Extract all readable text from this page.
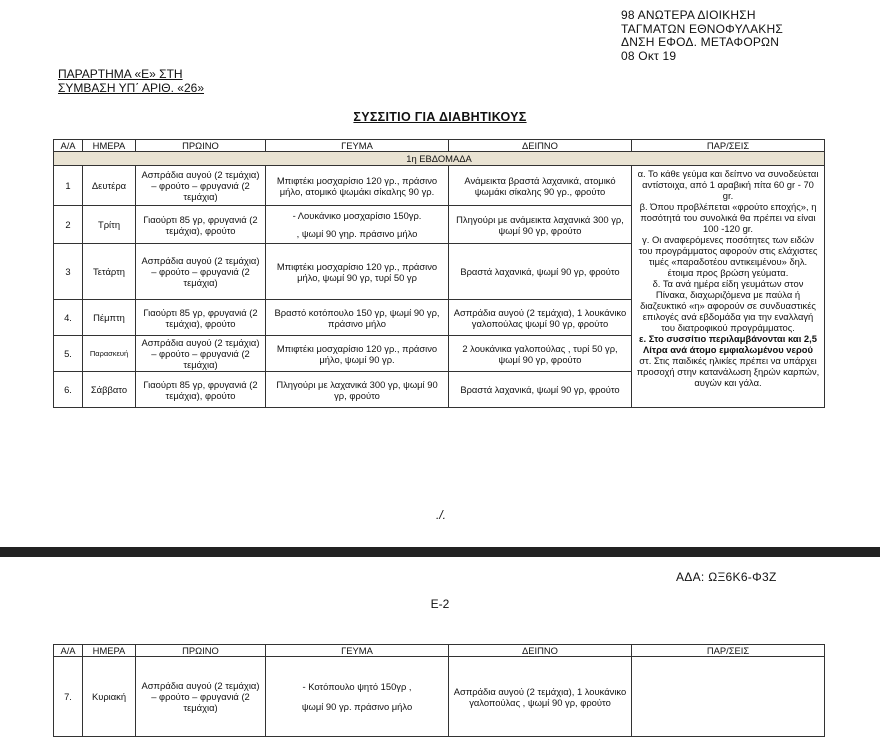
98 ΑΝΩΤΕΡΑ ΔΙΟΙΚΗΣΗ
ΤΑΓΜΑΤΩΝ ΕΘΝΟΦΥΛΑΚΗΣ
ΔΝΣΗ ΕΦΟΔ. ΜΕΤΑΦΟΡΩΝ
08 Οκτ 19
ΠΑΡΑΡΤΗΜΑ «Ε» ΣΤΗ
ΣΥΜΒΑΣΗ ΥΠ΄ ΑΡΙΘ. «26»
ΣΥΣΣΙΤΙΟ ΓΙΑ ΔΙΑΒΗΤΙΚΟΥΣ
Α/Α	ΗΜΕΡΑ	ΠΡΩΙΝΟ	ΓΕΥΜΑ	ΔΕΙΠΝΟ	ΠΑΡ/ΣΕΙΣ
1η ΕΒΔΟΜΑΔΑ					
1	Δευτέρα	Ασπράδια αυγού (2 τεμάχια) – φρούτο – φρυγανιά (2 τεμάχια)	Μπιφτέκι μοσχαρίσιο 120 γρ., πράσινο μήλο, ατομικό ψωμάκι σίκαλης 90 γρ.	Ανάμεικτα βραστά λαχανικά, ατομικό ψωμάκι σίκαλης 90 γρ., φρούτο	α. Το κάθε γεύμα και δείπνο να συνοδεύεται αντίστοιχα, από 1 αραβική πίτα 60 gr - 70 gr.

β. Όπου προβλέπεται «φρούτο εποχής», η ποσότητά του συνολικά θα πρέπει να είναι 100 -120 gr.

γ. Οι αναφερόμενες ποσότητες των ειδών του προγράμματος αφορούν στις ελάχιστες τιμές «παραδοτέου αντικειμένου» δηλ. έτοιμα προς βρώση γεύματα.

δ. Τα ανά ημέρα είδη γευμάτων στον Πίνακα, διαχωριζόμενα με παύλα ή διαζευκτικό «η» αφορούν σε συνδυαστικές επιλογές ανά εβδομάδα για την εναλλαγή του διατροφικού προγράμματος.

ε. Στο συσσίτιο περιλαμβάνονται και 2,5 Λίτρα ανά άτομο εμφιαλωμένου νερού στ. Στις παιδικές ηλικίες πρέπει να υπάρχει προσοχή στην κατανάλωση ξηρών καρπών, αυγών και γάλα.

2	Τρίτη	Γιαούρτι 85 γρ, φρυγανιά (2 τεμάχια), φρούτο	- Λουκάνικο μοσχαρίσιο 150γρ.
, ψωμί 90 γηρ. πράσινο μήλο	Πληγούρι με ανάμεικτα λαχανικά 300 γρ, ψωμί 90 γρ, φρούτο	
3	Τετάρτη	Ασπράδια αυγού (2 τεμάχια) – φρούτο – φρυγανιά (2 τεμάχια)	Μπιφτέκι μοσχαρίσιο 120 γρ., πράσινο μήλο, ψωμί 90 γρ, τυρί 50 γρ	Βραστά λαχανικά, ψωμί 90 γρ, φρούτο	
4.	Πέμπτη	Γιαούρτι 85 γρ, φρυγανιά (2 τεμάχια), φρούτο	Βραστό κοτόπουλο 150 γρ, ψωμί 90 γρ, πράσινο μήλο	Ασπράδια αυγού (2 τεμάχια), 1 λουκάνικο γαλοπούλας ψωμί 90 γρ, φρούτο	
5.	Παρασκευή	Ασπράδια αυγού (2 τεμάχια) – φρούτο – φρυγανιά (2 τεμάχια)	Μπιφτέκι μοσχαρίσιο 120 γρ., πράσινο μήλο, ψωμί 90 γρ.	2 λουκάνικα γαλοπούλας , τυρί 50 γρ, ψωμί 90 γρ, φρούτο	
6.	Σάββατο	Γιαούρτι 85 γρ, φρυγανιά (2 τεμάχια), φρούτο	Πληγούρι με λαχανικά 300 γρ, ψωμί 90 γρ, φρούτο	Βραστά λαχανικά, ψωμί 90 γρ, φρούτο	
./.
ΑΔΑ: ΩΞ6Κ6-Φ3Ζ
Ε-2
Α/Α	ΗΜΕΡΑ	ΠΡΩΙΝΟ	ΓΕΥΜΑ	ΔΕΙΠΝΟ	ΠΑΡ/ΣΕΙΣ
7.	Κυριακή	Ασπράδια αυγού (2 τεμάχια) – φρούτο – φρυγανιά (2 τεμάχια)	- Κοτόπουλο ψητό 150γρ ,
ψωμί 90 γρ. πράσινο μήλο	Ασπράδια αυγού (2 τεμάχια), 1 λουκάνικο γαλοπούλας , ψωμί 90 γρ, φρούτο	
